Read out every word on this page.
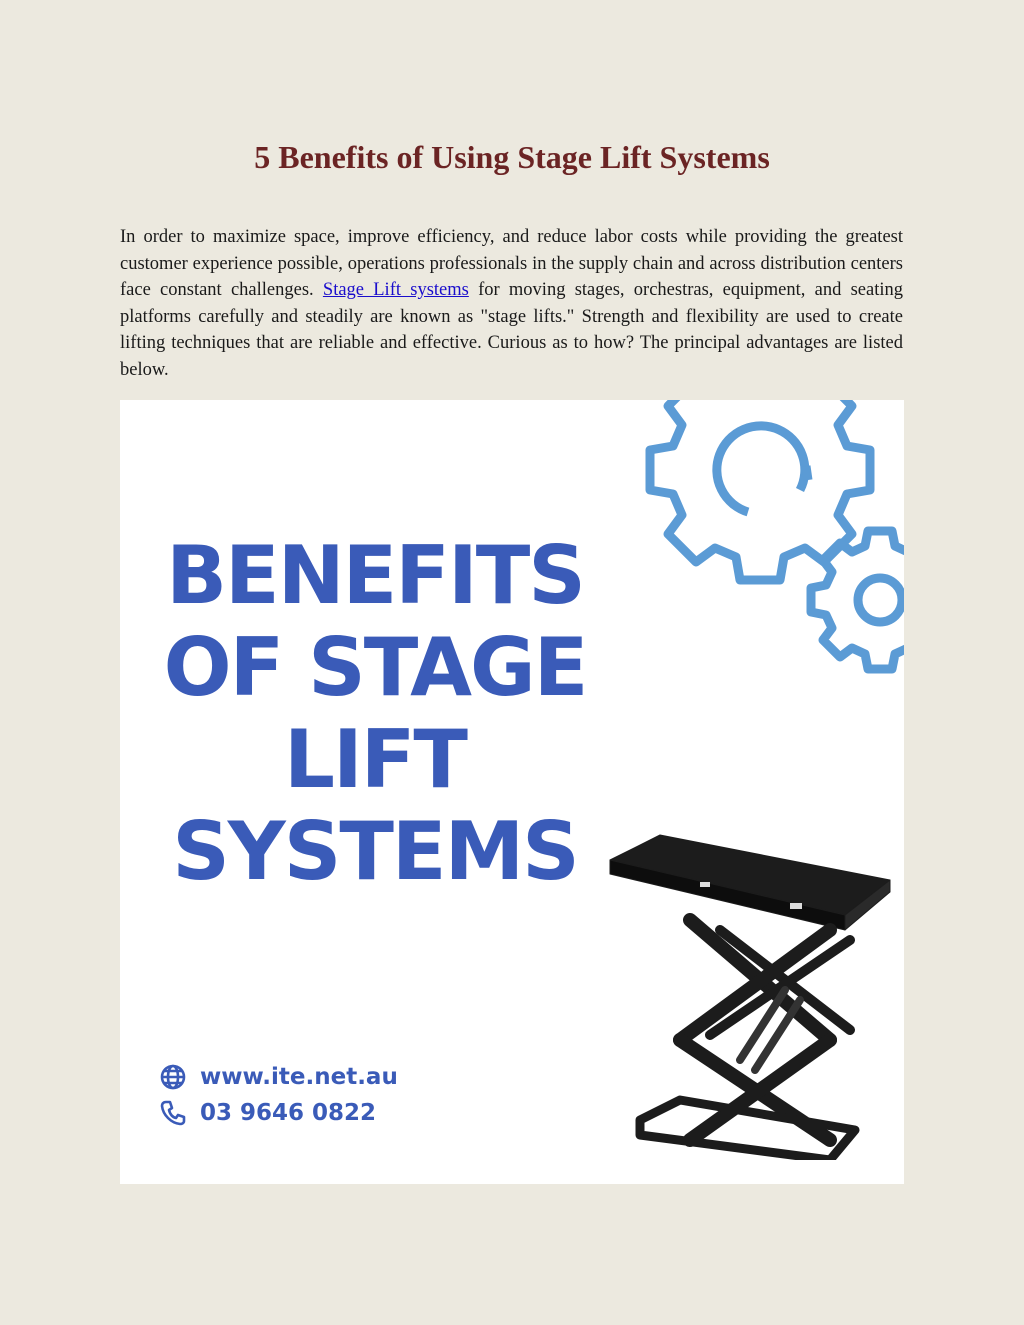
5 Benefits of Using Stage Lift Systems

In order to maximize space, improve efficiency, and reduce labor costs while providing the greatest customer experience possible, operations professionals in the supply chain and across distribution centers face constant challenges. Stage Lift systems for moving stages, orchestras, equipment, and seating platforms carefully and steadily are known as "stage lifts." Strength and flexibility are used to create lifting techniques that are reliable and effective. Curious as to how? The principal advantages are listed below.

BENEFITS
OF STAGE
LIFT
SYSTEMS
www.ite.net.au
03 9646 0822
